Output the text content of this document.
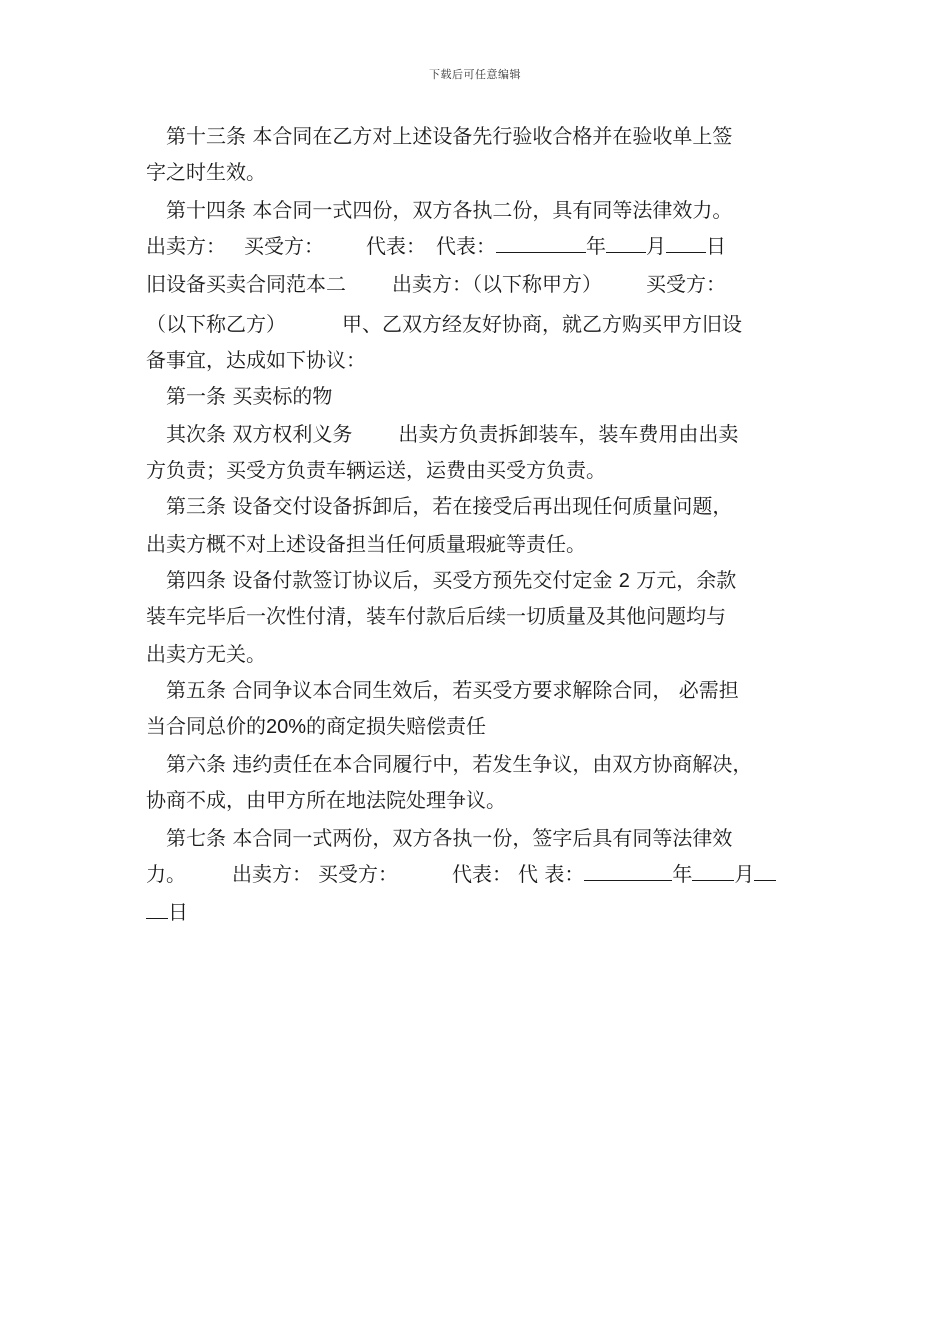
下载后可任意编辑
第十三条 本合同在乙方对上述设备先行验收合格并在验收单上签
字之时生效。
第十四条 本合同一式四份，双方各执二份，具有同等法律效力。
出卖方： 买受方： 代表： 代表：	年 月 日
旧设备买卖合同范本二 出卖方：（以下称甲方） 买受方：
（以下称乙方）	甲、乙双方经友好协商，就乙方购买甲方旧设
备事宜，达成如下协议：
第一条 买卖标的物
其次条 双方权利义务 出卖方负责拆卸装车，装车费用由出卖
方负责；买受方负责车辆运送，运费由买受方负责。
第三条 设备交付设备拆卸后，若在接受后再出现任何质量问题，
出卖方概不对上述设备担当任何质量瑕疵等责任。
第四条 设备付款签订协议后，买受方预先交付定金 2 万元，余款
装车完毕后一次性付清，装车付款后后续一切质量及其他问题均与
出卖方无关。
第五条 合同争议本合同生效后，若买受方要求解除合同， 必需担
当合同总价的20%的商定损失赔偿责任
第六条 违约责任在本合同履行中，若发生争议，由双方协商解决，
协商不成，由甲方所在地法院处理争议。
第七条 本合同一式两份，双方各执一份，签字后具有同等法律效
力。 出卖方： 买受方：	代表： 代 表：	年 月
日
